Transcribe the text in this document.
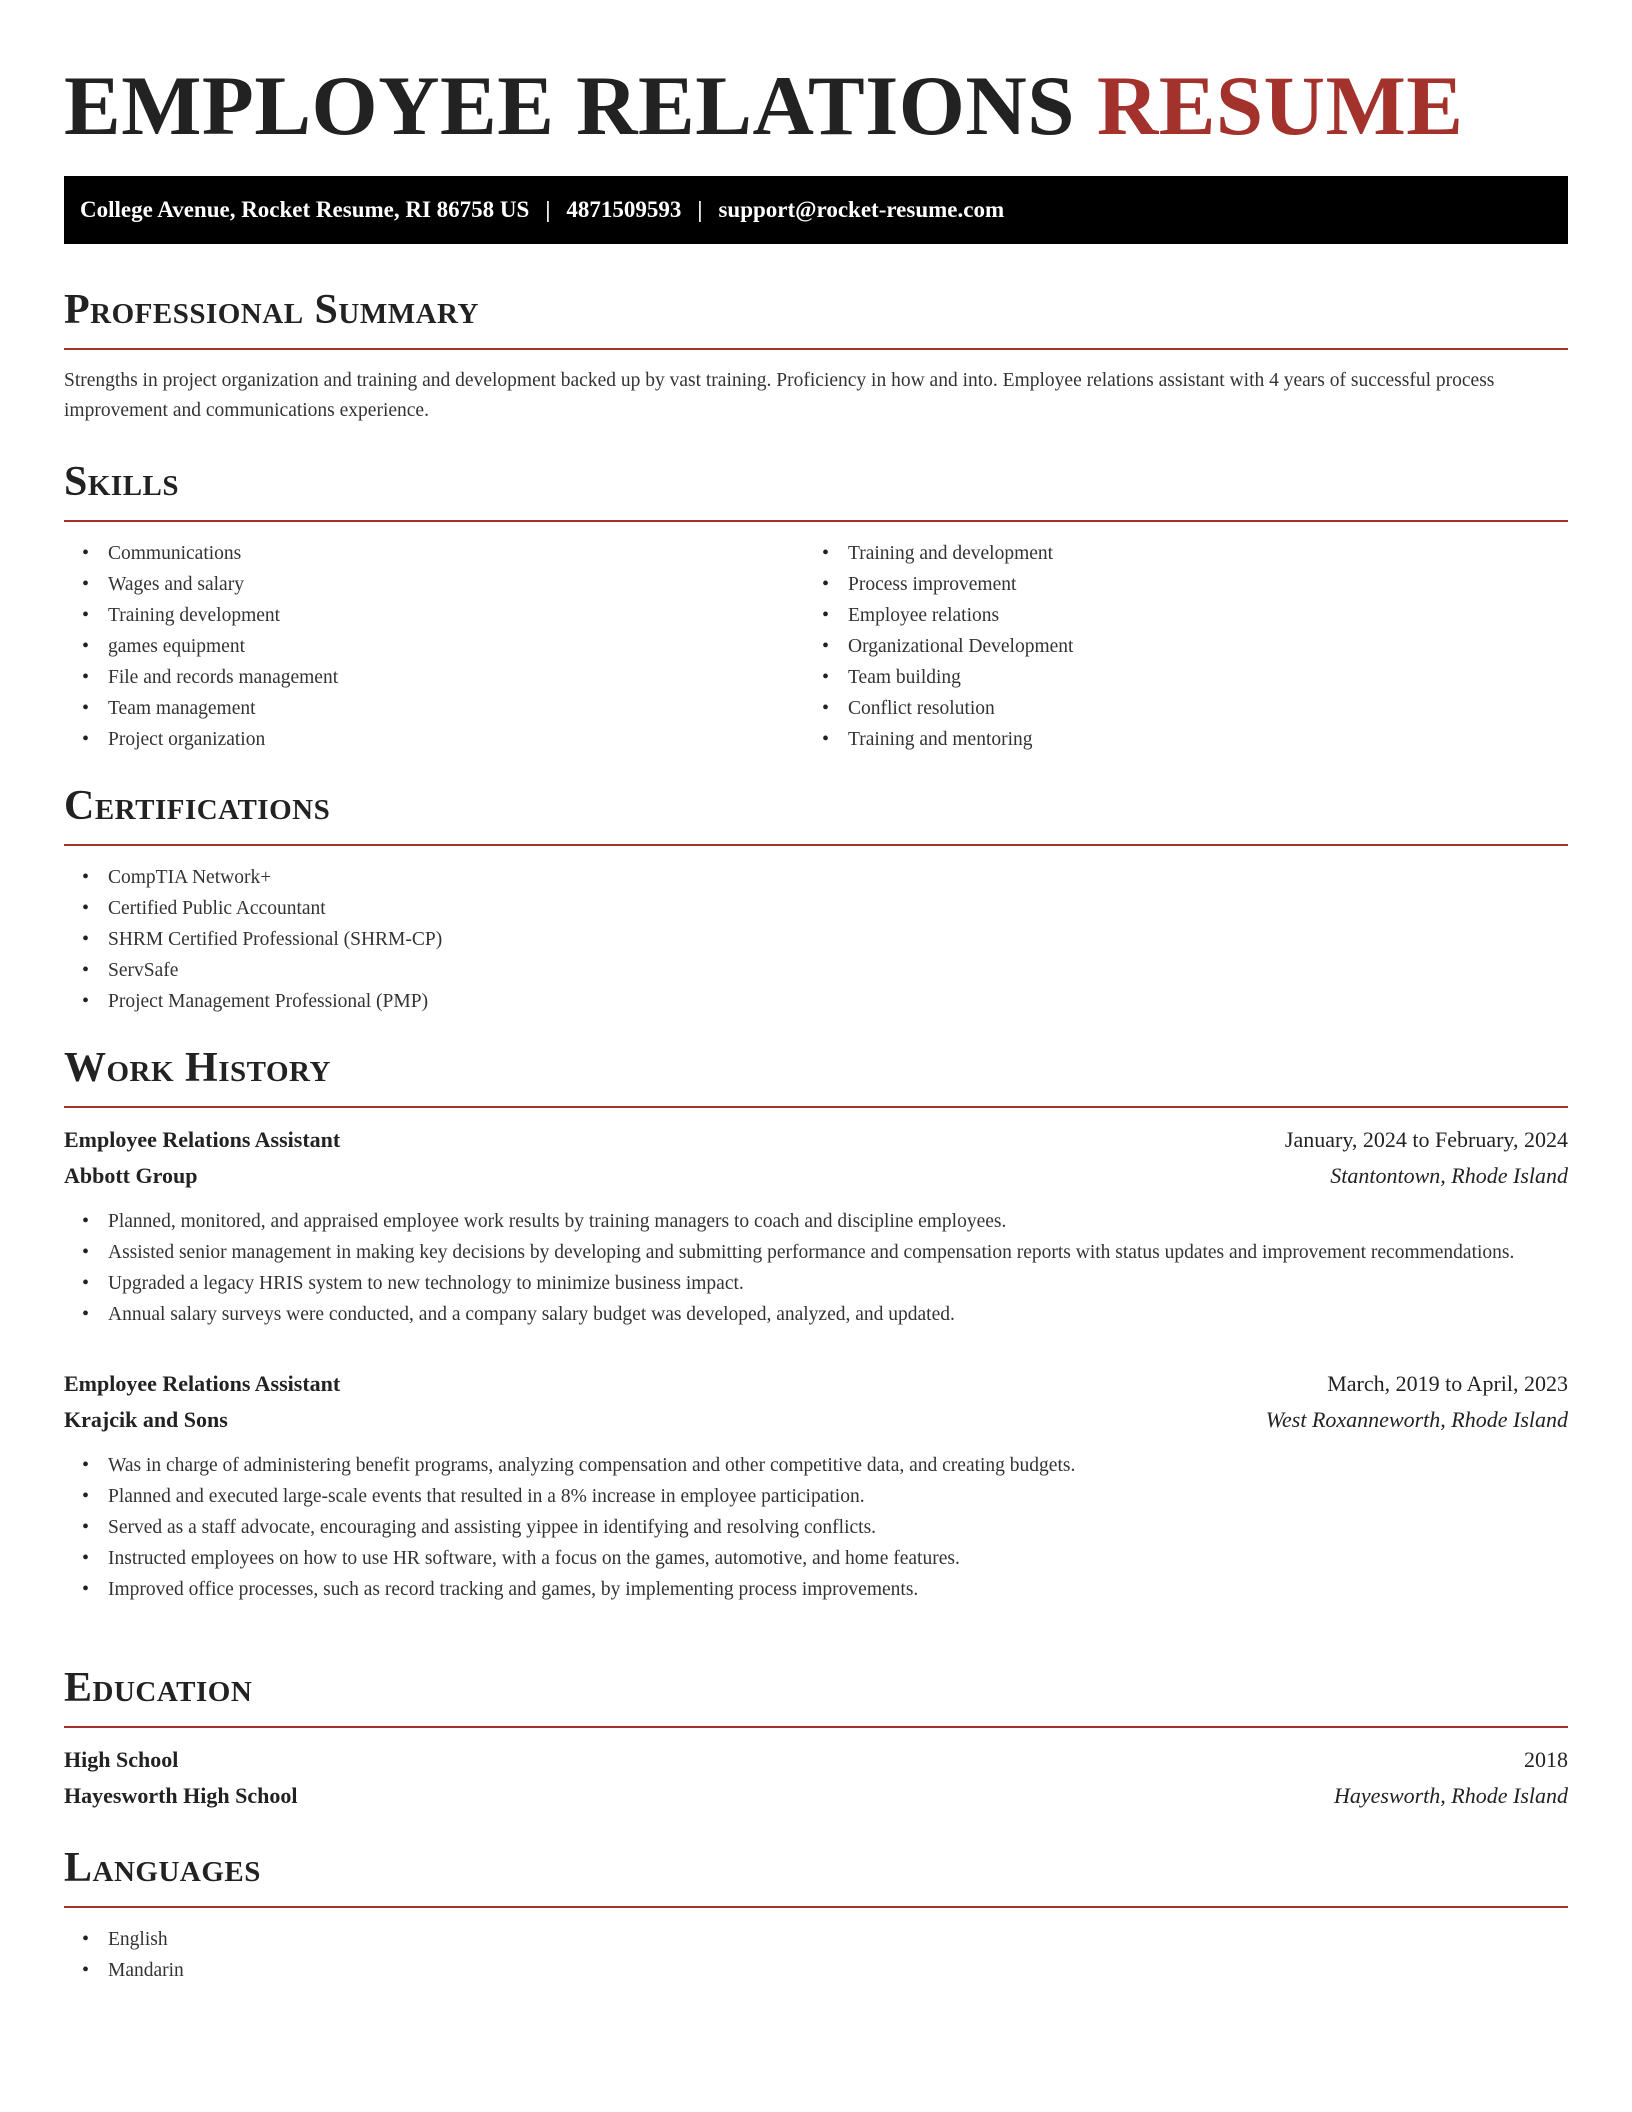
EMPLOYEE RELATIONS RESUME
College Avenue, Rocket Resume, RI 86758 US | 4871509593 | support@rocket-resume.com
Professional Summary
Strengths in project organization and training and development backed up by vast training. Proficiency in how and into. Employee relations assistant with 4 years of successful process improvement and communications experience.
Skills
• Communications
• Wages and salary
• Training development
• games equipment
• File and records management
• Team management
• Project organization
• Training and development
• Process improvement
• Employee relations
• Organizational Development
• Team building
• Conflict resolution
• Training and mentoring
Certifications
• CompTIA Network+
• Certified Public Accountant
• SHRM Certified Professional (SHRM-CP)
• ServSafe
• Project Management Professional (PMP)
Work History
Employee Relations Assistant	January, 2024 to February, 2024
Abbott Group	Stantontown, Rhode Island
• Planned, monitored, and appraised employee work results by training managers to coach and discipline employees.
• Assisted senior management in making key decisions by developing and submitting performance and compensation reports with status updates and improvement recommendations.
• Upgraded a legacy HRIS system to new technology to minimize business impact.
• Annual salary surveys were conducted, and a company salary budget was developed, analyzed, and updated.
Employee Relations Assistant	March, 2019 to April, 2023
Krajcik and Sons	West Roxanneworth, Rhode Island
• Was in charge of administering benefit programs, analyzing compensation and other competitive data, and creating budgets.
• Planned and executed large-scale events that resulted in a 8% increase in employee participation.
• Served as a staff advocate, encouraging and assisting yippee in identifying and resolving conflicts.
• Instructed employees on how to use HR software, with a focus on the games, automotive, and home features.
• Improved office processes, such as record tracking and games, by implementing process improvements.
Education
High School	2018
Hayesworth High School	Hayesworth, Rhode Island
Languages
• English
• Mandarin
